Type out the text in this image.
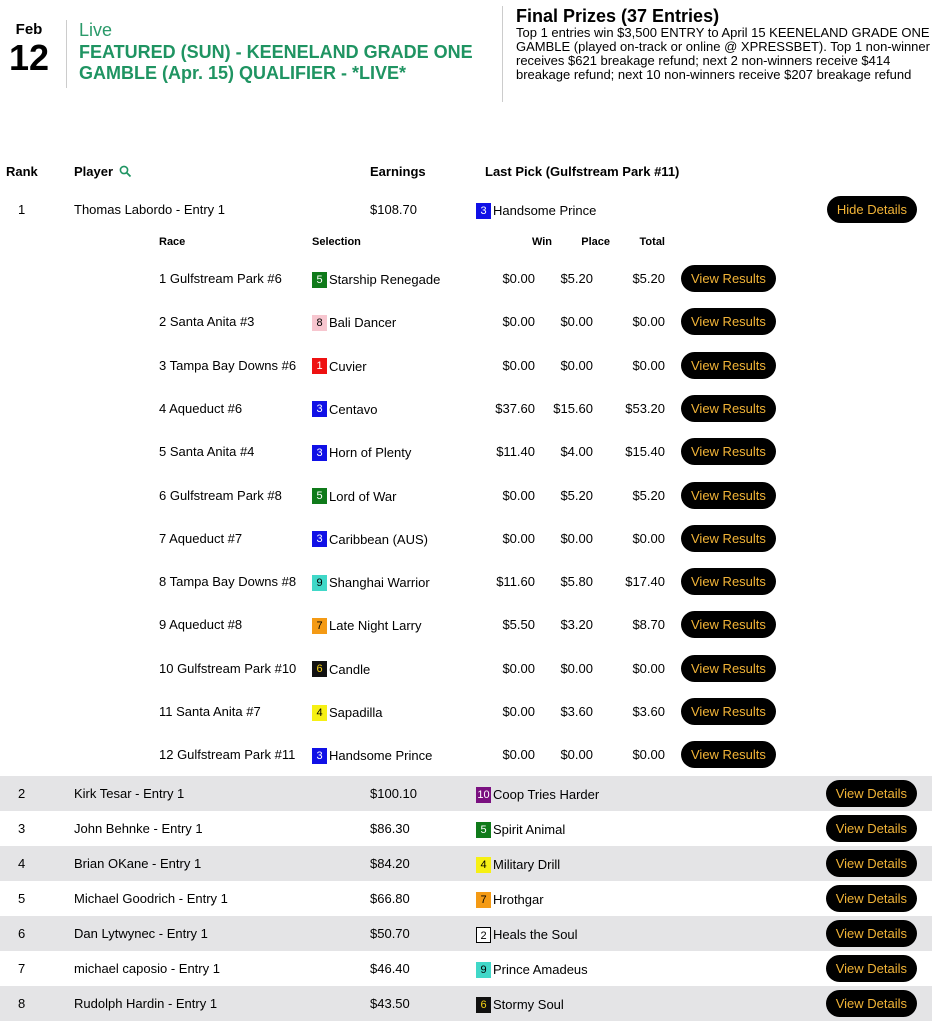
Feb
12
Live
FEATURED (SUN) - KEENELAND GRADE ONE GAMBLE (Apr. 15) QUALIFIER - *LIVE*
Final Prizes (37 Entries)
Top 1 entries win $3,500 ENTRY to April 15 KEENELAND GRADE ONE GAMBLE (played on-track or online @ XPRESSBET). Top 1 non-winner receives $621 breakage refund; next 2 non-winners receive $414 breakage refund; next 10 non-winners receive $207 breakage refund
Rank	Player	Earnings	Last Pick (Gulfstream Park #11)
1	Thomas Labordo - Entry 1	$108.70	3 Handsome Prince	Hide Details
2	Kirk Tesar - Entry 1	$100.10	10 Coop Tries Harder	View Details
3	John Behnke - Entry 1	$86.30	5 Spirit Animal	View Details
4	Brian OKane - Entry 1	$84.20	4 Military Drill	View Details
5	Michael Goodrich - Entry 1	$66.80	7 Hrothgar	View Details
6	Dan Lytwynec - Entry 1	$50.70	2 Heals the Soul	View Details
7	michael caposio - Entry 1	$46.40	9 Prince Amadeus	View Details
8	Rudolph Hardin - Entry 1	$43.50	6 Stormy Soul	View Details
Race	Selection	Win	Place	Total
1 Gulfstream Park #6	5 Starship Renegade	$0.00 $5.20	$5.20	View Results
2 Santa Anita #3	8 Bali Dancer	$0.00 $0.00	$0.00	View Results
3 Tampa Bay Downs #6	1 Cuvier	$0.00 $0.00	$0.00	View Results
4 Aqueduct #6	3 Centavo	$37.60 $15.60 $53.20	View Results
5 Santa Anita #4	3 Horn of Plenty	$11.40 $4.00 $15.40	View Results
6 Gulfstream Park #8	5 Lord of War	$0.00 $5.20	$5.20	View Results
7 Aqueduct #7	3 Caribbean (AUS)	$0.00 $0.00	$0.00	View Results
8 Tampa Bay Downs #8	9 Shanghai Warrior	$11.60 $5.80 $17.40	View Results
9 Aqueduct #8	7 Late Night Larry	$5.50 $3.20	$8.70	View Results
10 Gulfstream Park #10	6 Candle	$0.00 $0.00	$0.00	View Results
11 Santa Anita #7	4 Sapadilla	$0.00 $3.60	$3.60	View Results
12 Gulfstream Park #11	3 Handsome Prince	$0.00 $0.00	$0.00	View Results
